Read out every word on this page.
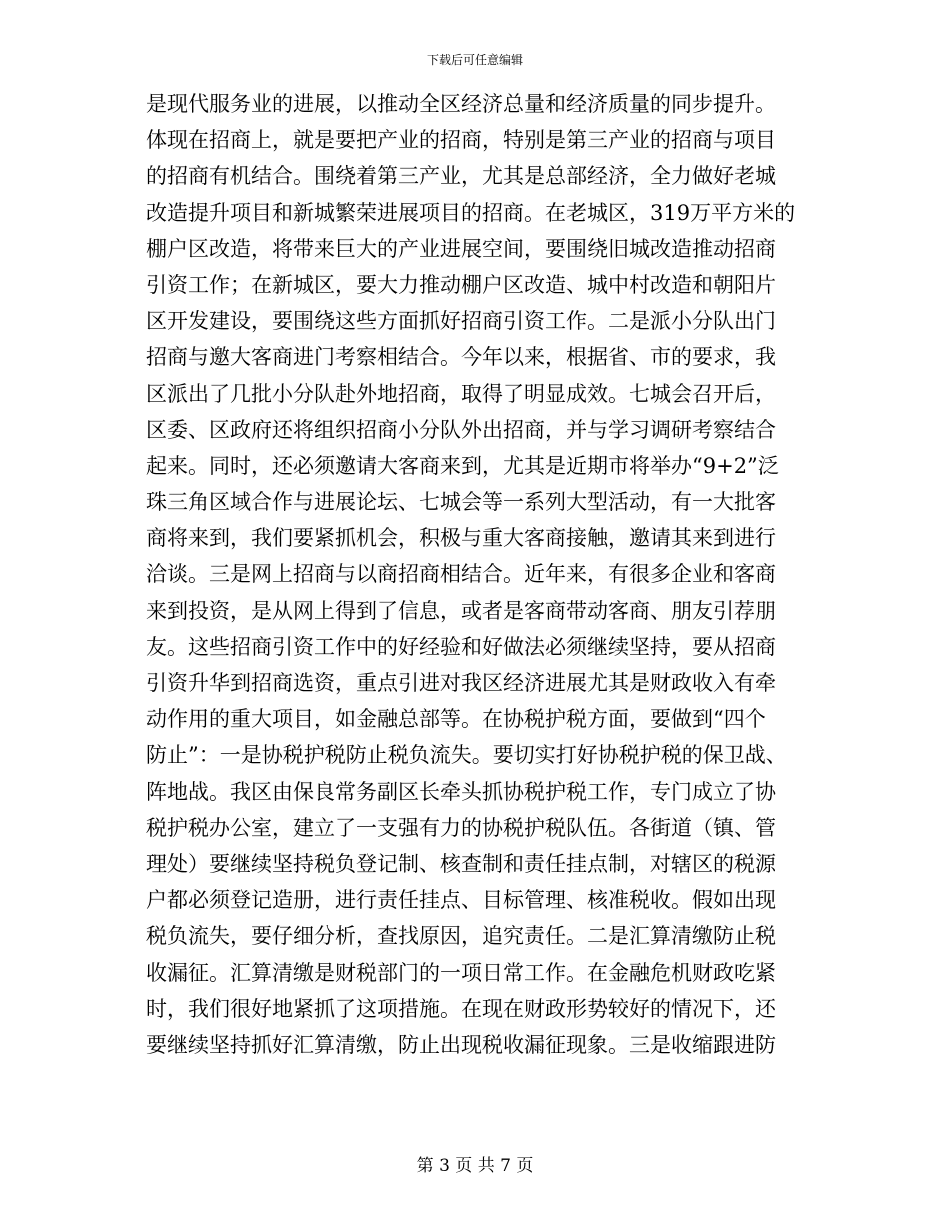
下载后可任意编辑
是现代服务业的进展，以推动全区经济总量和经济质量的同步提升。
体现在招商上，就是要把产业的招商，特别是第三产业的招商与项目
的招商有机结合。围绕着第三产业，尤其是总部经济，全力做好老城
改造提升项目和新城繁荣进展项目的招商。在老城区，319万平方米的
棚户区改造，将带来巨大的产业进展空间，要围绕旧城改造推动招商
引资工作；在新城区，要大力推动棚户区改造、城中村改造和朝阳片
区开发建设，要围绕这些方面抓好招商引资工作。二是派小分队出门
招商与邀大客商进门考察相结合。今年以来，根据省、市的要求，我
区派出了几批小分队赴外地招商，取得了明显成效。七城会召开后，
区委、区政府还将组织招商小分队外出招商，并与学习调研考察结合
起来。同时，还必须邀请大客商来到，尤其是近期市将举办“9+2”泛
珠三角区域合作与进展论坛、七城会等一系列大型活动，有一大批客
商将来到，我们要紧抓机会，积极与重大客商接触，邀请其来到进行
洽谈。三是网上招商与以商招商相结合。近年来，有很多企业和客商
来到投资，是从网上得到了信息，或者是客商带动客商、朋友引荐朋
友。这些招商引资工作中的好经验和好做法必须继续坚持，要从招商
引资升华到招商选资，重点引进对我区经济进展尤其是财政收入有牵
动作用的重大项目，如金融总部等。在协税护税方面，要做到“四个
防止”：一是协税护税防止税负流失。要切实打好协税护税的保卫战、
阵地战。我区由保良常务副区长牵头抓协税护税工作，专门成立了协
税护税办公室，建立了一支强有力的协税护税队伍。各街道（镇、管
理处）要继续坚持税负登记制、核查制和责任挂点制，对辖区的税源
户都必须登记造册，进行责任挂点、目标管理、核准税收。假如出现
税负流失，要仔细分析，查找原因，追究责任。二是汇算清缴防止税
收漏征。汇算清缴是财税部门的一项日常工作。在金融危机财政吃紧
时，我们很好地紧抓了这项措施。在现在财政形势较好的情况下，还
要继续坚持抓好汇算清缴，防止出现税收漏征现象。三是收缩跟进防
第 3 页 共 7 页
